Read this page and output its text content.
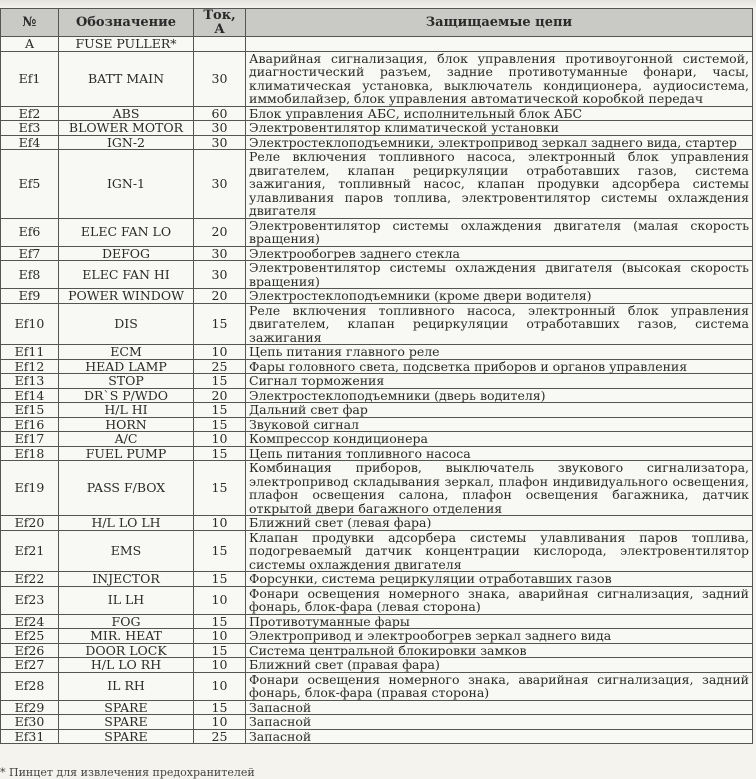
№	Обозначение	Ток, А	Защищаемые цепи
A	FUSE PULLER*		
Ef1	BATT MAIN	30	Аварийная сигнализация, блок управления противоугонной системой, диагностический разъем, задние противотуманные фонари, часы, климатическая установка, выключатель кондиционера, аудиосистема, иммобилайзер, блок управления автоматической коробкой передач
Ef2	ABS	60	Блок управления АБС, исполнительный блок АБС
Ef3	BLOWER MOTOR	30	Электровентилятор климатической установки
Ef4	IGN-2	30	Электростеклоподъемники, электропривод зеркал заднего вида, стартер
Ef5	IGN-1	30	Реле включения топливного насоса, электронный блок управления двигателем, клапан рециркуляции отработавших газов, система зажигания, топливный насос, клапан продувки адсорбера системы улавливания паров топлива, электровентилятор системы охлаждения двигателя
Ef6	ELEC FAN LO	20	Электровентилятор системы охлаждения двигателя (малая скорость вращения)
Ef7	DEFOG	30	Электрообогрев заднего стекла
Ef8	ELEC FAN HI	30	Электровентилятор системы охлаждения двигателя (высокая скорость вращения)
Ef9	POWER WINDOW	20	Электростеклоподъемники (кроме двери водителя)
Ef10	DIS	15	Реле включения топливного насоса, электронный блок управления двигателем, клапан рециркуляции отработавших газов, система зажигания
Ef11	ECM	10	Цепь питания главного реле
Ef12	HEAD LAMP	25	Фары головного света, подсветка приборов и органов управления
Ef13	STOP	15	Сигнал торможения
Ef14	DR`S P/WDO	20	Электростеклоподъемники (дверь водителя)
Ef15	H/L HI	15	Дальний свет фар
Ef16	HORN	15	Звуковой сигнал
Ef17	A/C	10	Компрессор кондиционера
Ef18	FUEL PUMP	15	Цепь питания топливного насоса
Ef19	PASS F/BOX	15	Комбинация приборов, выключатель звукового сигнализатора, электропривод складывания зеркал, плафон индивидуального освещения, плафон освещения салона, плафон освещения багажника, датчик открытой двери багажного отделения
Ef20	H/L LO LH	10	Ближний свет (левая фара)
Ef21	EMS	15	Клапан продувки адсорбера системы улавливания паров топлива, подогреваемый датчик концентрации кислорода, электровентилятор системы охлаждения двигателя
Ef22	INJECTOR	15	Форсунки, система рециркуляции отработавших газов
Ef23	IL LH	10	Фонари освещения номерного знака, аварийная сигнализация, задний фонарь, блок-фара (левая сторона)
Ef24	FOG	15	Противотуманные фары
Ef25	MIR. HEAT	10	Электропривод и электрообогрев зеркал заднего вида
Ef26	DOOR LOCK	15	Система центральной блокировки замков
Ef27	H/L LO RH	10	Ближний свет (правая фара)
Ef28	IL RH	10	Фонари освещения номерного знака, аварийная сигнализация, задний фонарь, блок-фара (правая сторона)
Ef29	SPARE	15	Запасной
Ef30	SPARE	10	Запасной
Ef31	SPARE	25	Запасной
* Пинцет для извлечения предохранителей
